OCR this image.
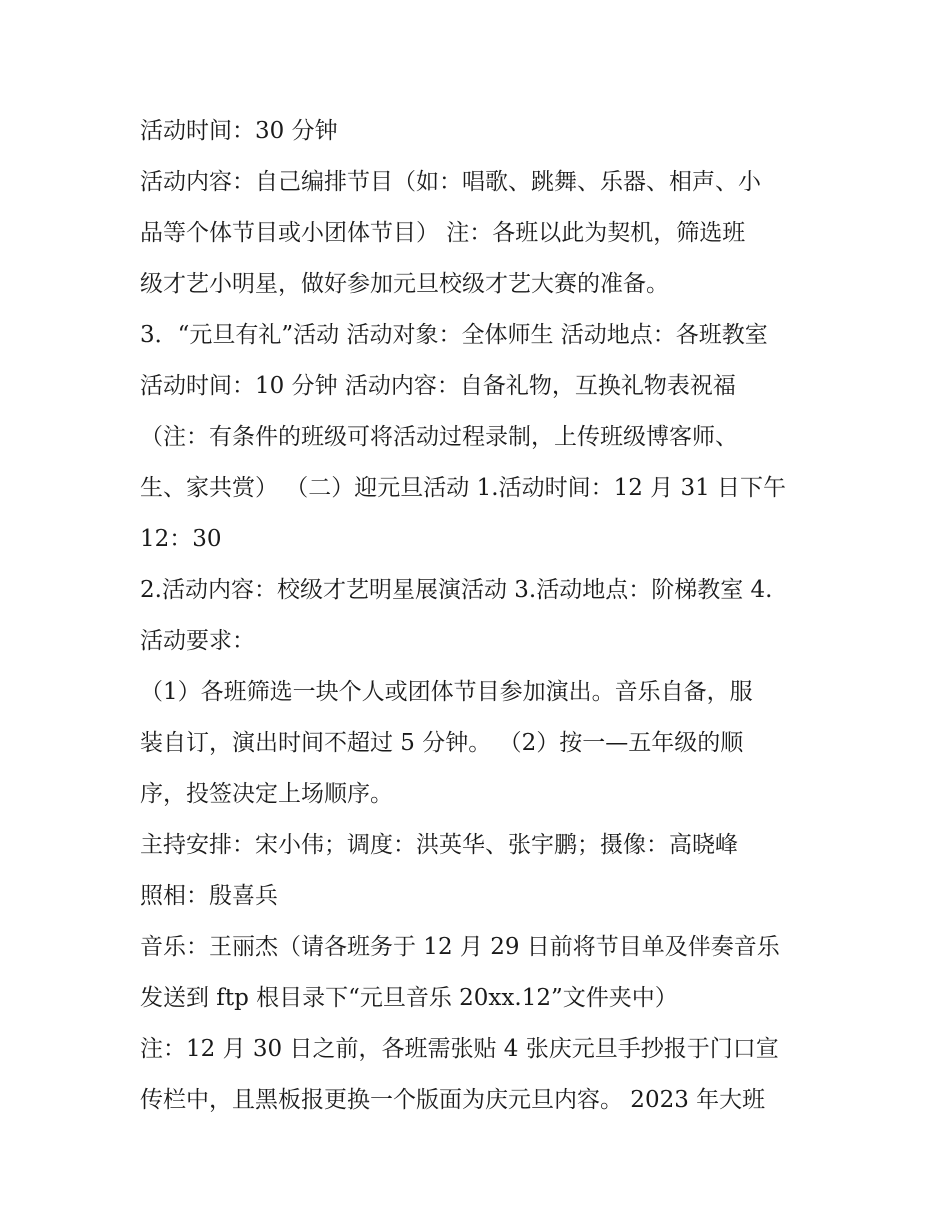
活动时间：30 分钟
活动内容：自己编排节目（如：唱歌、跳舞、乐器、相声、小
品等个体节目或小团体节目） 注：各班以此为契机，筛选班
级才艺小明星，做好参加元旦校级才艺大赛的准备。
3．“元旦有礼”活动 活动对象：全体师生 活动地点：各班教室
活动时间：10 分钟 活动内容：自备礼物，互换礼物表祝福
（注：有条件的班级可将活动过程录制，上传班级博客师、
生、家共赏） （二）迎元旦活动 1.活动时间：12 月 31 日下午
12：30
2.活动内容：校级才艺明星展演活动 3.活动地点：阶梯教室 4.
活动要求：
（1）各班筛选一块个人或团体节目参加演出。音乐自备，服
装自订，演出时间不超过 5 分钟。 （2）按一—五年级的顺
序，投签决定上场顺序。
主持安排：宋小伟；调度：洪英华、张宇鹏；摄像：高晓峰
照相：殷喜兵
音乐：王丽杰（请各班务于 12 月 29 日前将节目单及伴奏音乐
发送到 ftp 根目录下“元旦音乐 20xx.12”文件夹中）
注：12 月 30 日之前，各班需张贴 4 张庆元旦手抄报于门口宣
传栏中，且黑板报更换一个版面为庆元旦内容。 2023 年大班
